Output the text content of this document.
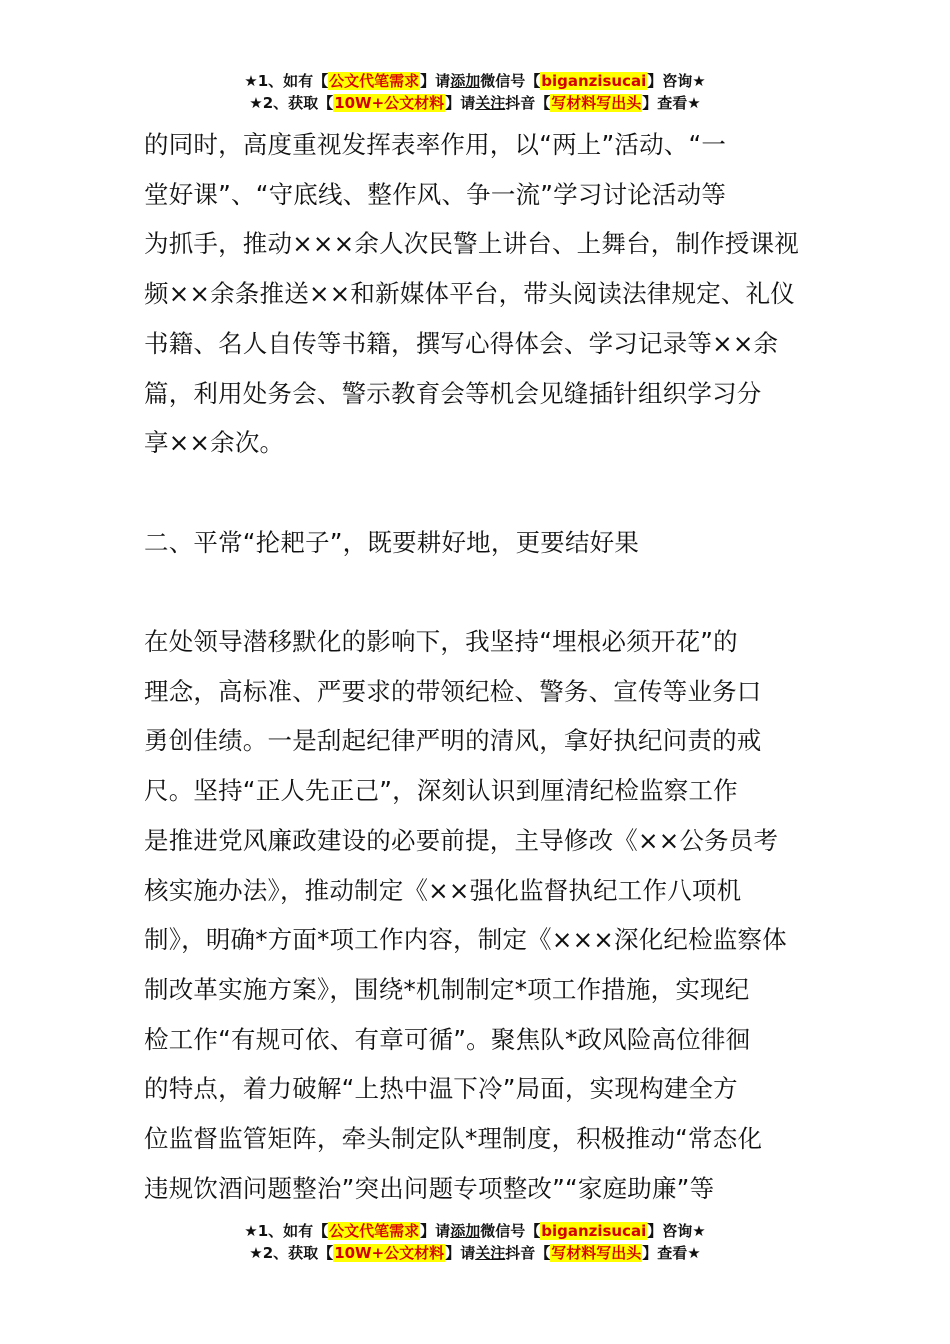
★1、如有【公文代笔需求】请添加微信号【biganzisucai】咨询★
★2、获取【10W+公文材料】请关注抖音【写材料写出头】查看★
的同时，高度重视发挥表率作用，以“两上”活动、“一
堂好课”、“守底线、整作风、争一流”学习讨论活动等
为抓手，推动×××余人次民警上讲台、上舞台，制作授课视
频××余条推送××和新媒体平台，带头阅读法律规定、礼仪
书籍、名人自传等书籍，撰写心得体会、学习记录等××余
篇，利用处务会、警示教育会等机会见缝插针组织学习分
享××余次。
二、平常“抡耙子”，既要耕好地，更要结好果
在处领导潜移默化的影响下，我坚持“埋根必须开花”的
理念，高标准、严要求的带领纪检、警务、宣传等业务口
勇创佳绩。一是刮起纪律严明的清风，拿好执纪问责的戒
尺。坚持“正人先正己”，深刻认识到厘清纪检监察工作
是推进党风廉政建设的必要前提，主导修改《××公务员考
核实施办法》，推动制定《××强化监督执纪工作八项机
制》，明确*方面*项工作内容，制定《×××深化纪检监察体
制改革实施方案》，围绕*机制制定*项工作措施，实现纪
检工作“有规可依、有章可循”。聚焦队*政风险高位徘徊
的特点，着力破解“上热中温下冷”局面，实现构建全方
位监督监管矩阵，牵头制定队*理制度，积极推动“常态化
违规饮酒问题整治”突出问题专项整改”“家庭助廉”等
★1、如有【公文代笔需求】请添加微信号【biganzisucai】咨询★
★2、获取【10W+公文材料】请关注抖音【写材料写出头】查看★
